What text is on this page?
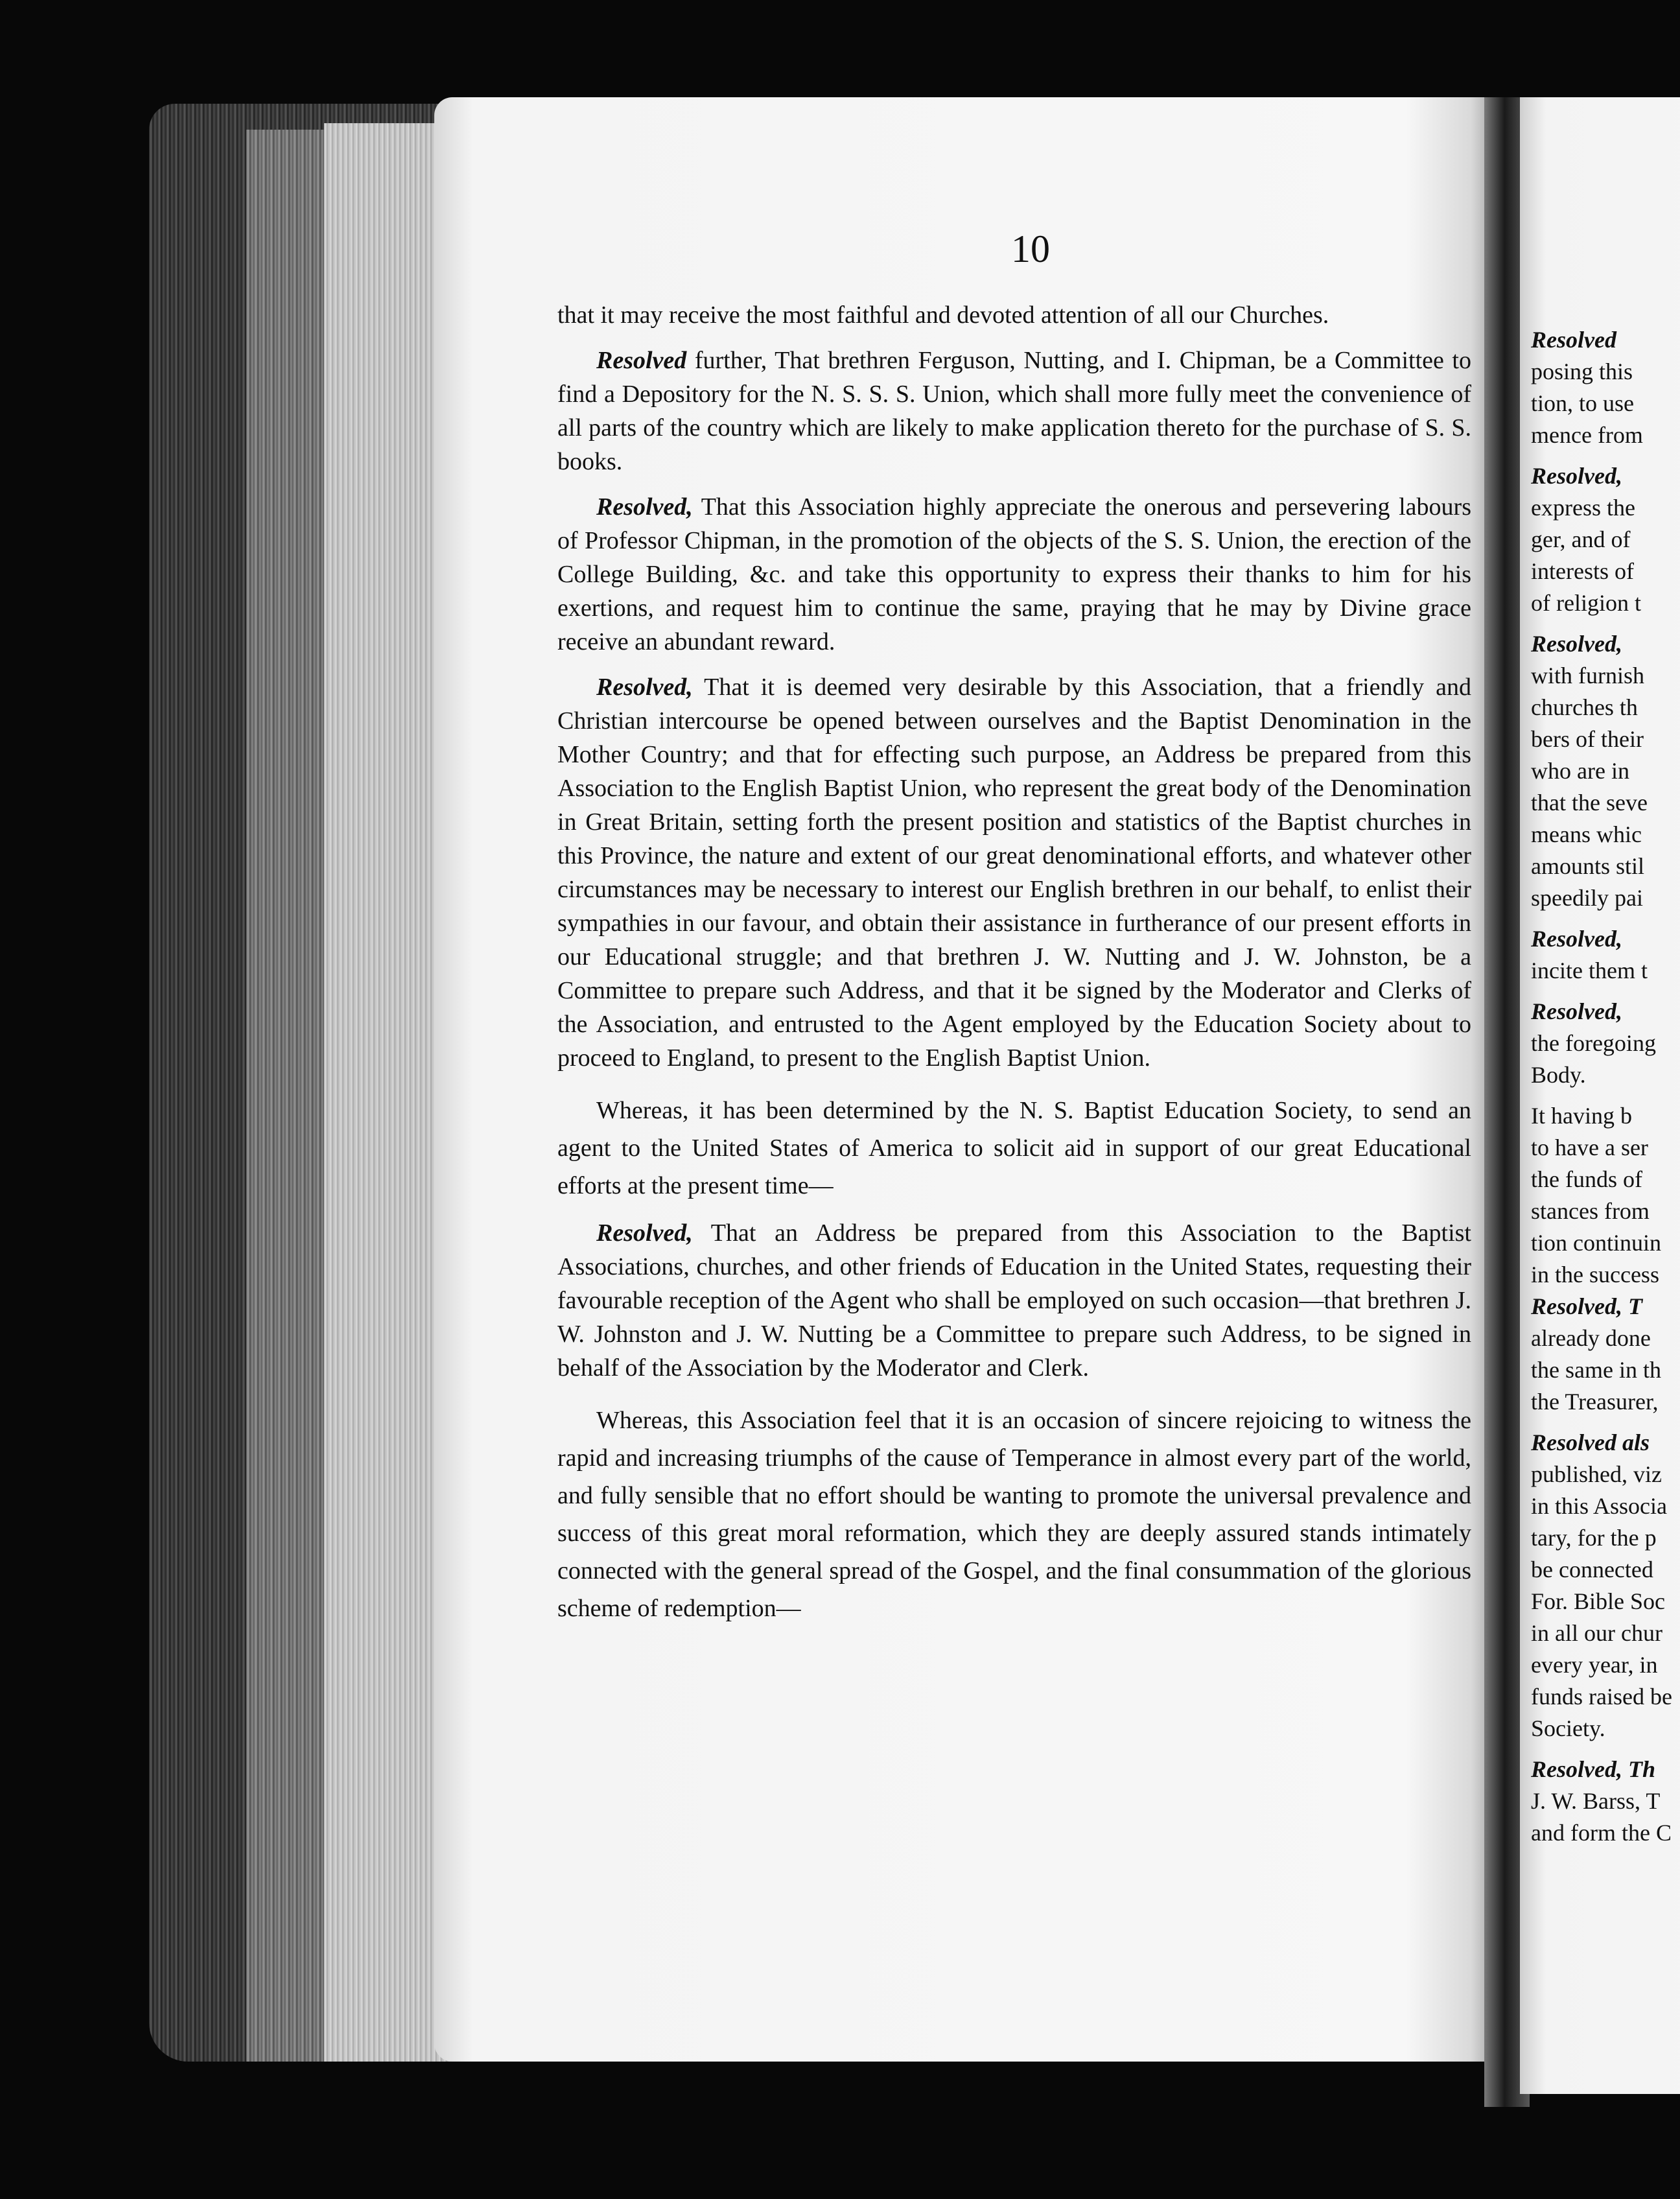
10

that it may receive the most faithful and devoted attention of all our Churches.

Resolved further, That brethren Ferguson, Nutting, and I. Chipman, be a Committee to find a Depository for the N. S. S. S. Union, which shall more fully meet the convenience of all parts of the country which are likely to make application thereto for the purchase of S. S. books.

Resolved, That this Association highly appreciate the onerous and persevering labours of Professor Chipman, in the promotion of the objects of the S. S. Union, the erection of the College Building, &c. and take this opportunity to express their thanks to him for his exertions, and request him to continue the same, praying that he may by Divine grace receive an abundant reward.

Resolved, That it is deemed very desirable by this Association, that a friendly and Christian intercourse be opened between ourselves and the Baptist Denomination in the Mother Country; and that for effecting such purpose, an Address be prepared from this Association to the English Baptist Union, who represent the great body of the Denomination in Great Britain, setting forth the present position and statistics of the Baptist churches in this Province, the nature and extent of our great denominational efforts, and whatever other circumstances may be necessary to interest our English brethren in our behalf, to enlist their sympathies in our favour, and obtain their assistance in furtherance of our present efforts in our Educational struggle; and that brethren J. W. Nutting and J. W. Johnston, be a Committee to prepare such Address, and that it be signed by the Moderator and Clerks of the Association, and entrusted to the Agent employed by the Education Society about to proceed to England, to present to the English Baptist Union.

Whereas, it has been determined by the N. S. Baptist Education Society, to send an agent to the United States of America to solicit aid in support of our great Educational efforts at the present time—

Resolved, That an Address be prepared from this Association to the Baptist Associations, churches, and other friends of Education in the United States, requesting their favourable reception of the Agent who shall be employed on such occasion—that brethren J. W. Johnston and J. W. Nutting be a Committee to prepare such Address, to be signed in behalf of the Association by the Moderator and Clerk.

Whereas, this Association feel that it is an occasion of sincere rejoicing to witness the rapid and increasing triumphs of the cause of Temperance in almost every part of the world, and fully sensible that no effort should be wanting to promote the universal prevalence and success of this great moral reformation, which they are deeply assured stands intimately connected with the general spread of the Gospel, and the final consummation of the glorious scheme of redemption—

Resolved
posing this
tion, to use
mence from
Resolved,
express the
ger, and of
interests of
of religion t
Resolved,
with furnish
churches th
bers of their
who are in
that the seve
means whic
amounts stil
speedily pai
Resolved,
incite them t
Resolved,
the foregoing
Body.
It having b
to have a ser
the funds of
stances from
tion continuin
in the success
Resolved, T
already done
the same in th
the Treasurer,
Resolved als
published, viz
in this Associa
tary, for the p
be connected
For. Bible Soc
in all our chur
every year, in
funds raised be
Society.
Resolved, Th
J. W. Barss, T
and form the C
